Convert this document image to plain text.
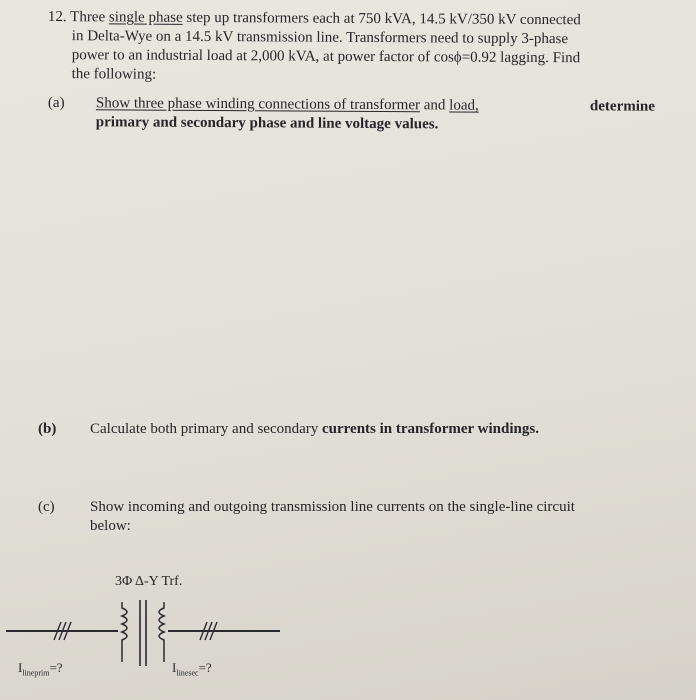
12. Three single phase step up transformers each at 750 kVA, 14.5 kV/350 kV connected
in Delta-Wye on a 14.5 kV transmission line. Transformers need to supply 3-phase
power to an industrial load at 2,000 kVA, at power factor of cosϕ=0.92 lagging. Find
the following:
(a) Show three phase winding connections of transformer and load,
primary and secondary phase and line voltage values.
determine
(b) Calculate both primary and secondary currents in transformer windings.
(c) Show incoming and outgoing transmission line currents on the single-line circuit
below:
3Φ Δ-Y Trf.
$I_{lineprim}=$?	$I_{linesec}=$?
